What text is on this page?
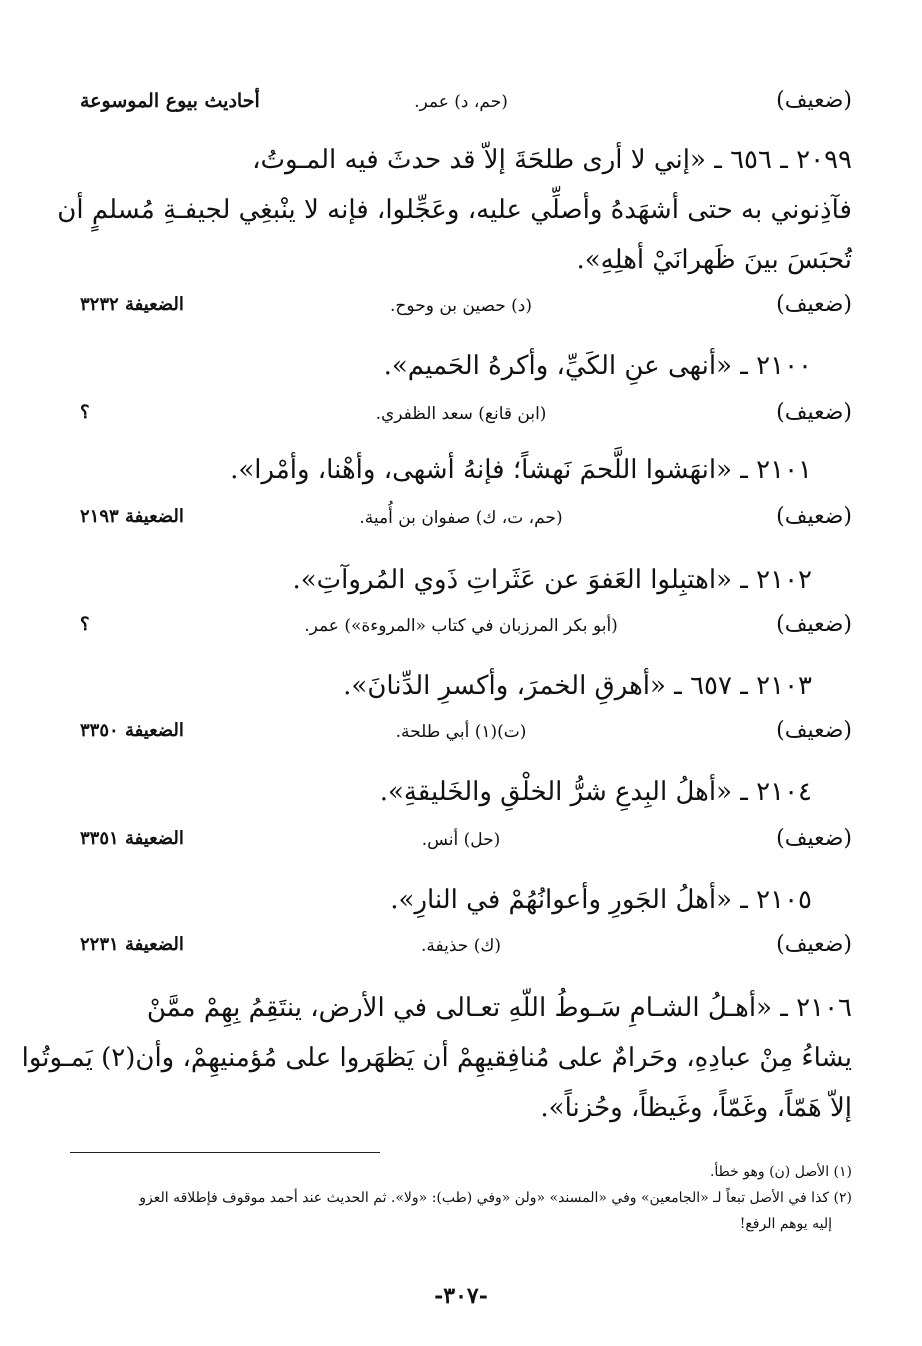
(ضعيف)
(حم، د) عمر.
أحاديث بيوع الموسوعة
٢٠٩٩ ـ ٦٥٦ ـ «إني لا أرى طلحَةَ إلاّ قد حدثَ فيه المـوتُ،
فآذِنوني به حتى أشهَدهُ وأصلِّي عليه، وعَجِّلوا، فإنه لا ينْبغِي لجيفـةِ مُسلمٍ أن
تُحبَسَ بينَ ظَهرانَيْ أهلِهِ».
(ضعيف)
(د) حصين بن وحوح.
الضعيفة ٣٢٣٢
٢١٠٠ ـ «أنهى عنِ الكَيِّ، وأكرهُ الحَميم».
(ضعيف)
(ابن قانع) سعد الظفري.
؟
٢١٠١ ـ «انهَشوا اللَّحمَ نَهشاً؛ فإنهُ أشهى، وأهْنا، وأمْرا».
(ضعيف)
(حم، ت، ك) صفوان بن أُمية.
الضعيفة ٢١٩٣
٢١٠٢ ـ «اهتبِلوا العَفوَ عن عَثَراتِ ذَوي المُروآتِ».
(ضعيف)
(أبو بكر المرزبان في كتاب «المروءة») عمر.
؟
٢١٠٣ ـ ٦٥٧ ـ «أهرقِ الخمرَ، وأكسرِ الدِّنانَ».
(ضعيف)
(ت)(١) أبي طلحة.
الضعيفة ٣٣٥٠
٢١٠٤ ـ «أهلُ البِدعِ شرُّ الخلْقِ والخَليقةِ».
(ضعيف)
(حل) أنس.
الضعيفة ٣٣٥١
٢١٠٥ ـ «أهلُ الجَورِ وأعوانُهُمْ في النارِ».
(ضعيف)
(ك) حذيفة.
الضعيفة ٢٢٣١
٢١٠٦ ـ «أهـلُ الشـامِ سَـوطُ اللّهِ تعـالى في الأرض، ينتَقِمُ بِهِمْ ممَّنْ
يشاءُ مِنْ عبادِهِ، وحَرامٌ على مُنافِقيهِمْ أن يَظهَروا على مُؤمنيهِمْ، وأن(٢) يَمـوتُوا
إلاّ هَمّاً، وغَمّاً، وغَيظاً، وحُزناً».
(١) الأصل (ن) وهو خطأ.
(٢) كذا في الأصل تبعاً لـ «الجامعين» وفي «المسند» «ولن «وفي (طب): «ولا». ثم الحديث عند أحمد موقوف فإطلاقه العزو
إليه يوهم الرفع!
-٣٠٧-
